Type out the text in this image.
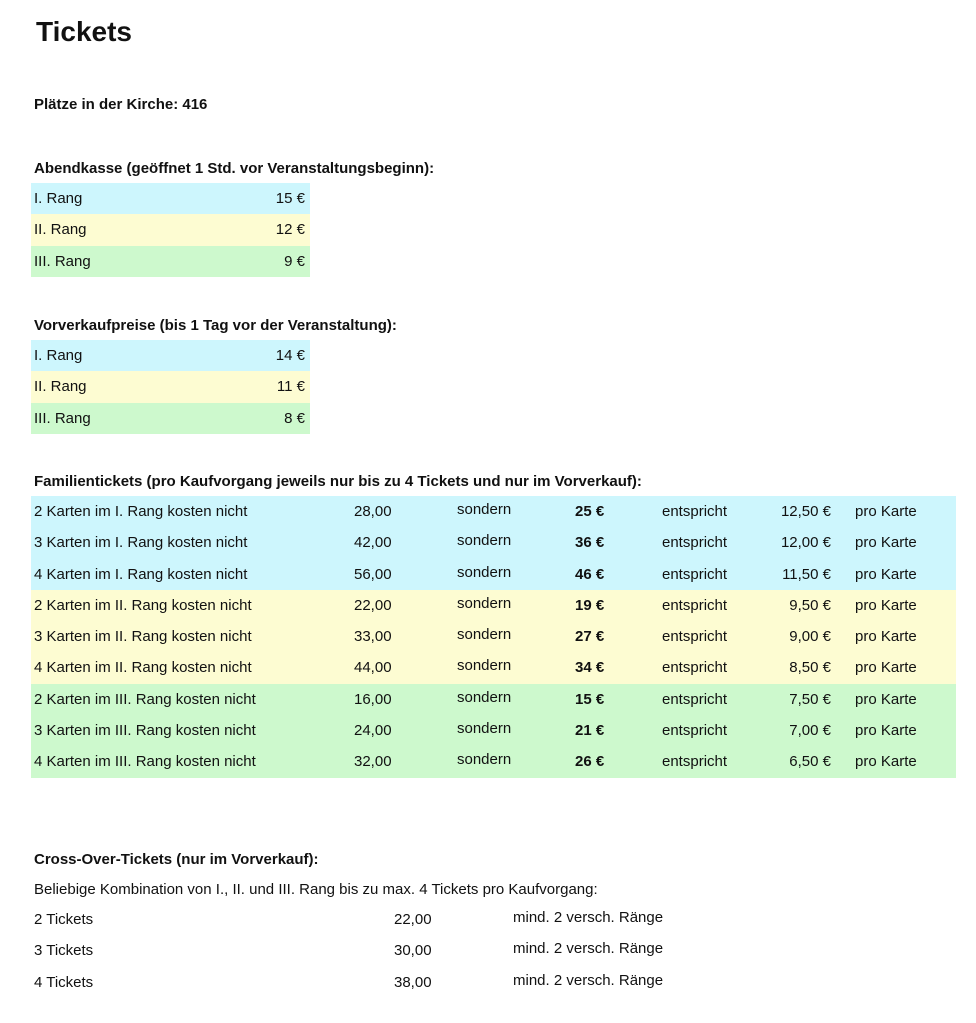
Tickets
Plätze in der Kirche: 416
Abendkasse (geöffnet 1 Std. vor Veranstaltungsbeginn):
I. Rang	15 €
II. Rang	12 €
III. Rang	9 €
Vorverkaufpreise (bis 1 Tag vor der Veranstaltung):
I. Rang	14 €
II. Rang	11 €
III. Rang	8 €
Familientickets (pro Kaufvorgang jeweils nur bis zu 4 Tickets und nur im Vorverkauf):
2 Karten im I. Rang kosten nicht	28,00	sondern	25 €	entspricht	12,50 € pro Karte
3 Karten im I. Rang kosten nicht	42,00	sondern	36 €	entspricht	12,00 € pro Karte
4 Karten im I. Rang kosten nicht	56,00	sondern	46 €	entspricht	11,50 € pro Karte
2 Karten im II. Rang kosten nicht	22,00	sondern	19 €	entspricht	9,50 € pro Karte
3 Karten im II. Rang kosten nicht	33,00	sondern	27 €	entspricht	9,00 € pro Karte
4 Karten im II. Rang kosten nicht	44,00	sondern	34 €	entspricht	8,50 € pro Karte
2 Karten im III. Rang kosten nicht	16,00	sondern	15 €	entspricht	7,50 € pro Karte
3 Karten im III. Rang kosten nicht	24,00	sondern	21 €	entspricht	7,00 € pro Karte
4 Karten im III. Rang kosten nicht	32,00	sondern	26 €	entspricht	6,50 € pro Karte
Cross-Over-Tickets (nur im Vorverkauf):
Beliebige Kombination von I., II. und III. Rang bis zu max. 4 Tickets pro Kaufvorgang:
2 Tickets	22,00	mind. 2 versch. Ränge
3 Tickets	30,00	mind. 2 versch. Ränge
4 Tickets	38,00	mind. 2 versch. Ränge
